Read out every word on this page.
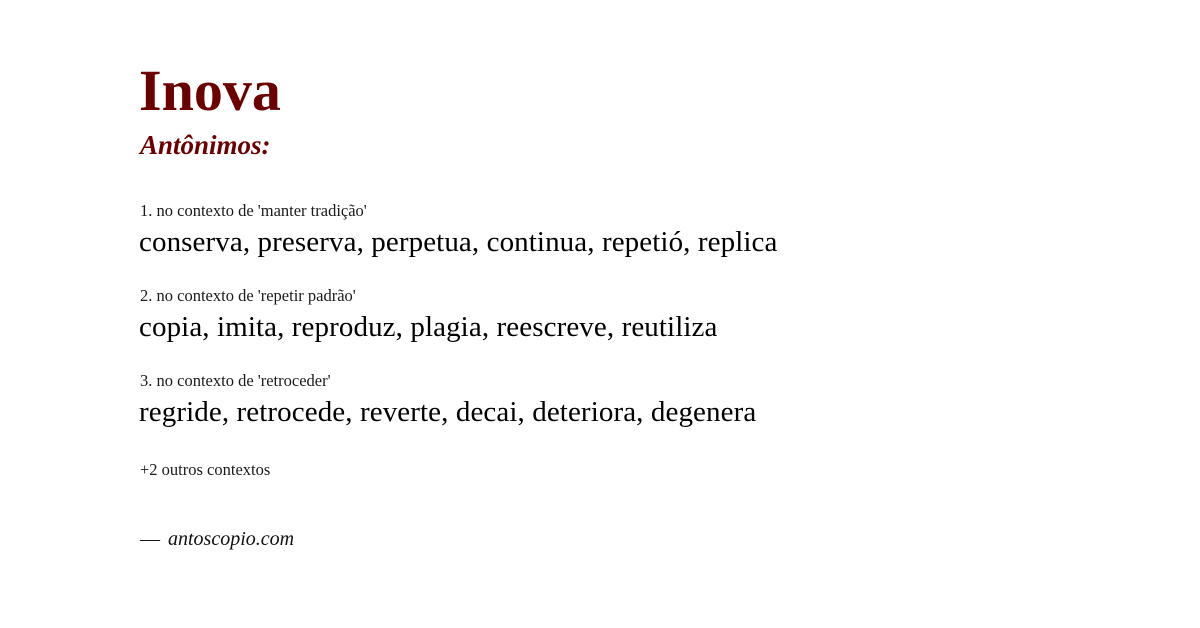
Inova
Antônimos:
1. no contexto de 'manter tradição'
conserva, preserva, perpetua, continua, repetió, replica
2. no contexto de 'repetir padrão'
copia, imita, reproduz, plagia, reescreve, reutiliza
3. no contexto de 'retroceder'
regride, retrocede, reverte, decai, deteriora, degenera
+2 outros contextos
— antoscopio.com
